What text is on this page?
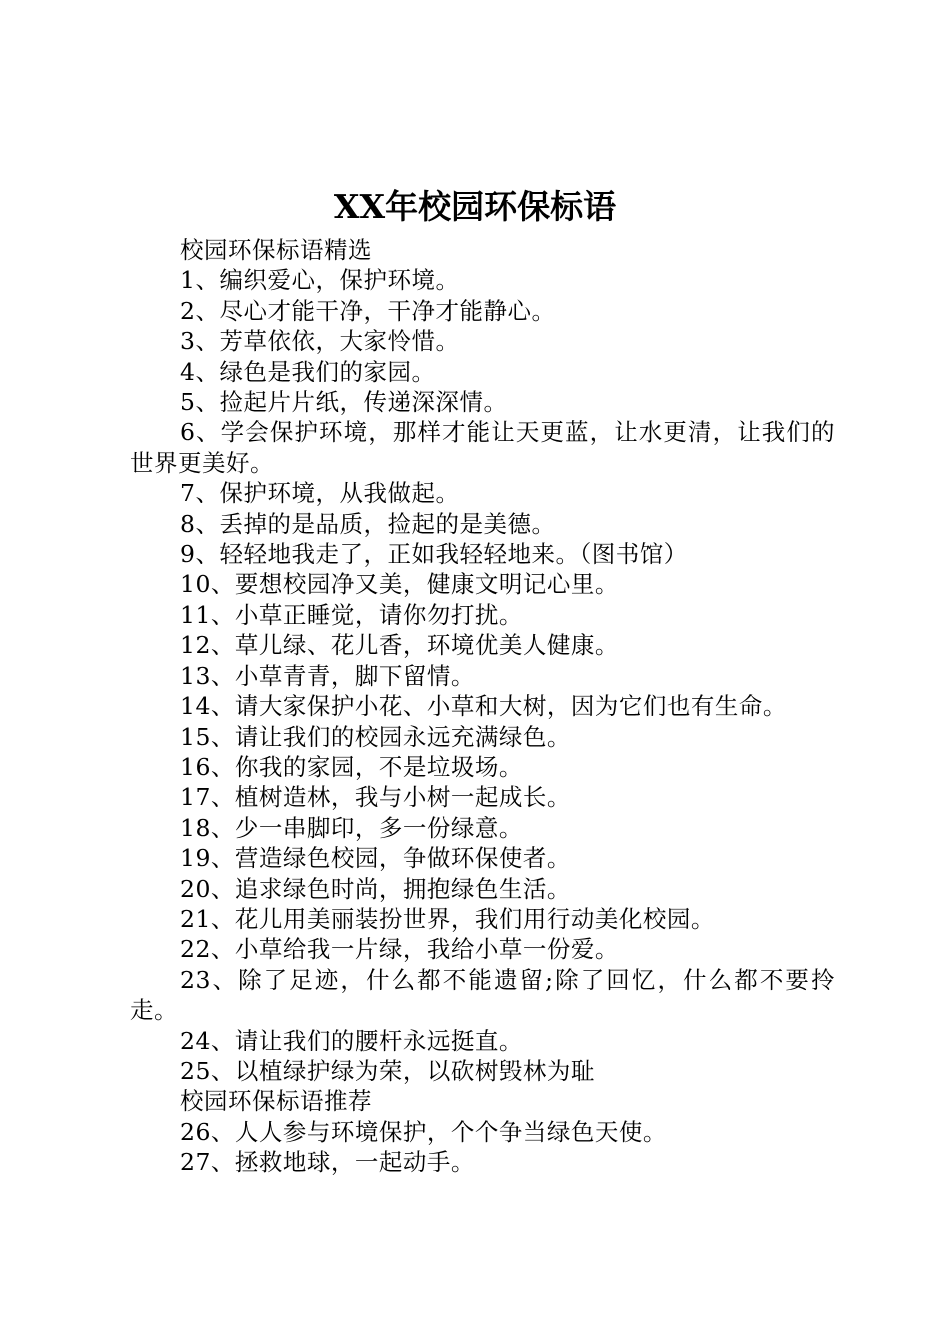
XX年校园环保标语

校园环保标语精选

1、编织爱心，保护环境。

2、尽心才能干净，干净才能静心。

3、芳草依依，大家怜惜。

4、绿色是我们的家园。

5、捡起片片纸，传递深深情。

6、学会保护环境，那样才能让天更蓝，让水更清，让我们的世界更美好。

7、保护环境，从我做起。

8、丢掉的是品质，捡起的是美德。

9、轻轻地我走了，正如我轻轻地来。（图书馆）

10、要想校园净又美，健康文明记心里。

11、小草正睡觉，请你勿打扰。

12、草儿绿、花儿香，环境优美人健康。

13、小草青青，脚下留情。

14、请大家保护小花、小草和大树，因为它们也有生命。

15、请让我们的校园永远充满绿色。

16、你我的家园，不是垃圾场。

17、植树造林，我与小树一起成长。

18、少一串脚印，多一份绿意。

19、营造绿色校园，争做环保使者。

20、追求绿色时尚，拥抱绿色生活。

21、花儿用美丽装扮世界，我们用行动美化校园。

22、小草给我一片绿，我给小草一份爱。

23、除了足迹，什么都不能遗留;除了回忆，什么都不要拎走。

24、请让我们的腰杆永远挺直。

25、以植绿护绿为荣，以砍树毁林为耻

校园环保标语推荐

26、人人参与环境保护，个个争当绿色天使。

27、拯救地球，一起动手。
